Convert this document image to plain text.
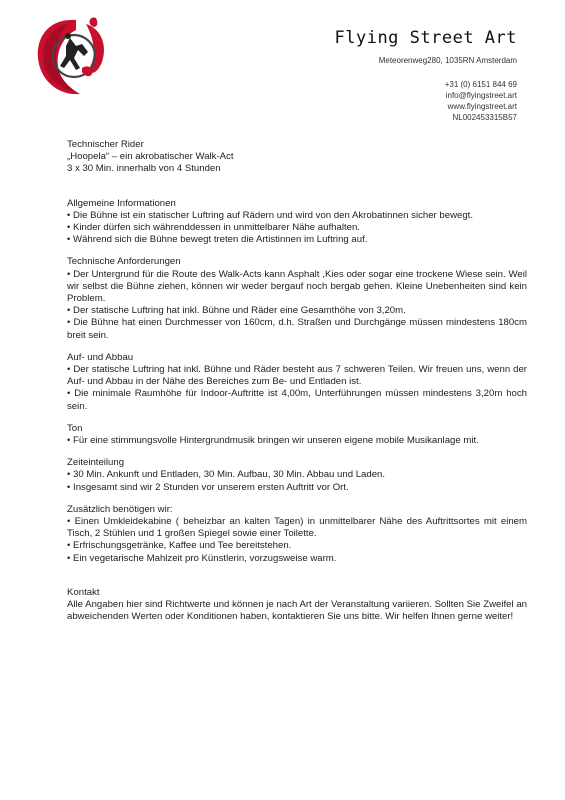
Flying Street Art
Meteorenweg280, 1035RN Amsterdam
+31 (0) 6151 844 69
info@flyingstreet.art
www.flyingstreet.art
NL002453315B57

Technischer Rider

„Hoopela“ – ein akrobatischer Walk-Act

3 x 30 Min. innerhalb von 4 Stunden

Allgemeine Informationen

• Die Bühne ist ein statischer Luftring auf Rädern und wird von den Akrobatinnen sicher bewegt.

• Kinder dürfen sich währenddessen in unmittelbarer Nähe aufhalten.

• Während sich die Bühne bewegt treten die Artistinnen im Luftring auf.

Technische Anforderungen

• Der Untergrund für die Route des Walk-Acts kann Asphalt ,Kies oder sogar eine trockene Wiese sein. Weil wir selbst die Bühne ziehen, können wir weder bergauf noch bergab gehen. Kleine Unebenheiten sind kein Problem.

• Der statische Luftring hat inkl. Bühne und Räder eine Gesamthöhe von 3,20m.

• Die Bühne hat einen Durchmesser von 160cm, d.h. Straßen und Durchgänge müssen mindestens 180cm breit sein.

Auf- und Abbau

• Der statische Luftring hat inkl. Bühne und Räder besteht aus 7 schweren Teilen. Wir freuen uns, wenn der Auf- und Abbau in der Nähe des Bereiches zum Be- und Entladen ist.

• Die minimale Raumhöhe für Indoor-Auftritte ist 4,00m, Unterführungen müssen mindestens 3,20m hoch sein.

Ton

• Für eine stimmungsvolle Hintergrundmusik bringen wir unseren eigene mobile Musikanlage mit.

Zeiteinteilung

• 30 Min. Ankunft und Entladen, 30 Min. Aufbau, 30 Min. Abbau und Laden.

• Insgesamt sind wir 2 Stunden vor unserem ersten Auftritt vor Ort.

Zusätzlich benötigen wir:

• Einen Umkleidekabine ( beheizbar an kalten Tagen) in unmittelbarer Nähe des Auftrittsortes mit einem Tisch, 2 Stühlen und 1 großen Spiegel sowie einer Toilette.

• Erfrischungsgetränke, Kaffee und Tee bereitstehen.

• Ein vegetarische Mahlzeit pro Künstlerin, vorzugsweise warm.

Kontakt

Alle Angaben hier sind Richtwerte und können je nach Art der Veranstaltung variieren. Sollten Sie Zweifel an abweichenden Werten oder Konditionen haben, kontaktieren Sie uns bitte. Wir helfen Ihnen gerne weiter!
